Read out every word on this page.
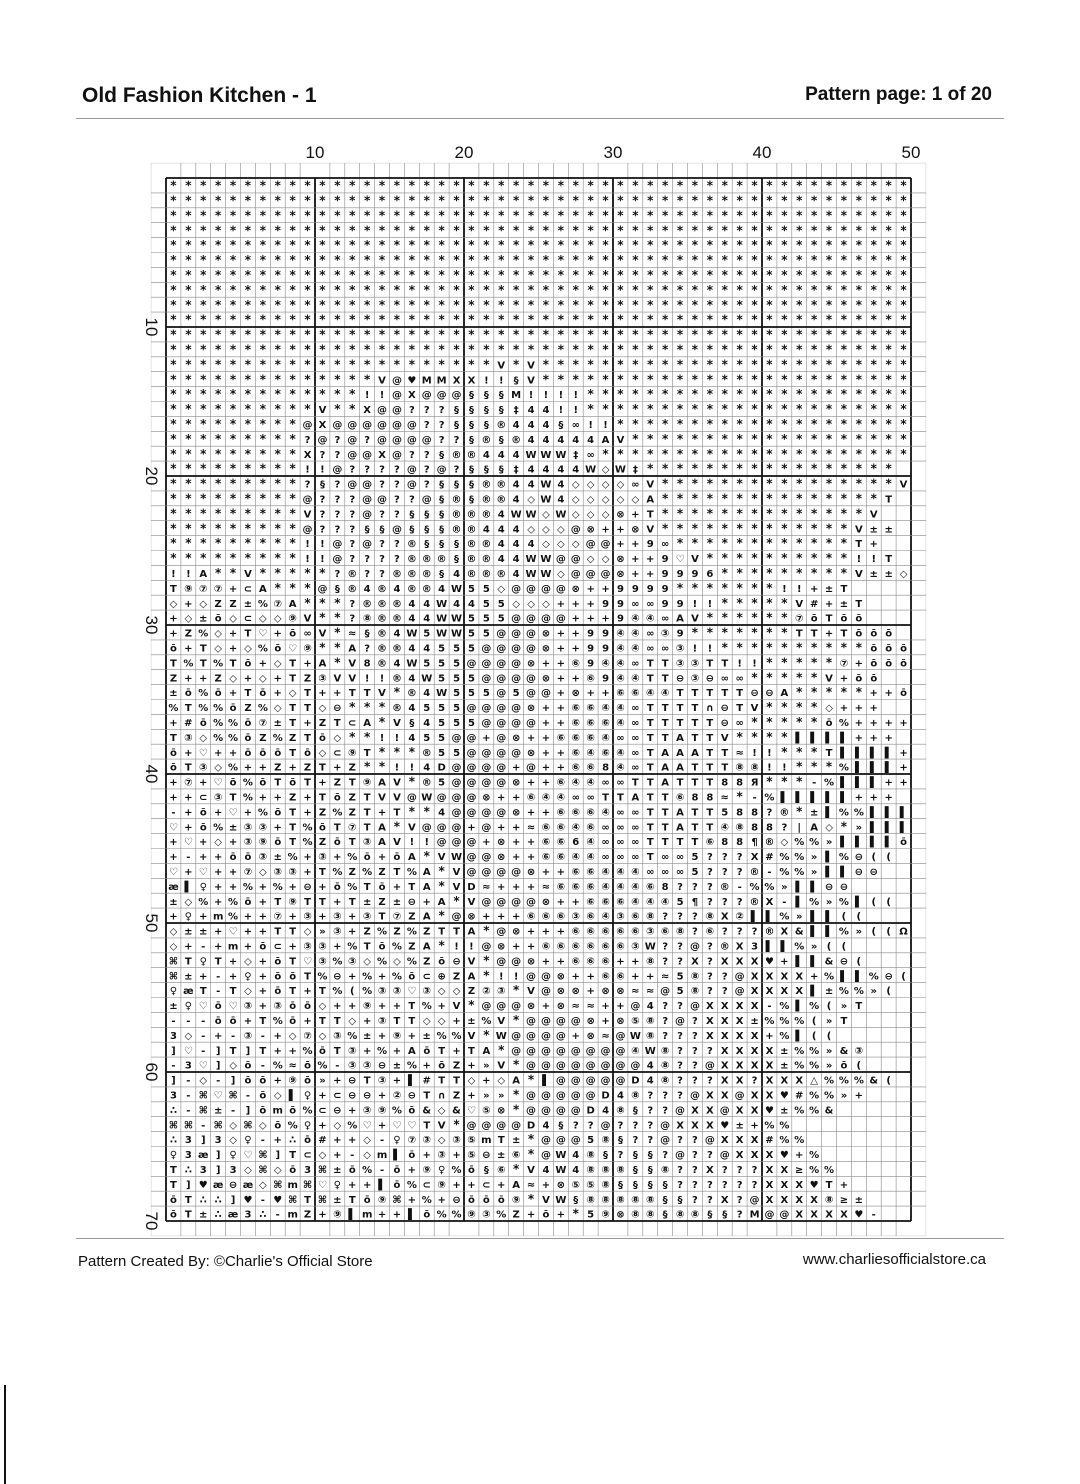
Old Fashion Kitchen - 1	Pattern page: 1 of 20
* * * * * * * * * * * * * * * * * * * * * * * * * * * * * * * * * * * * * * * * * * * * * * * * * *
* * * * * * * * * * * * * * * * * * * * * * * * * * * * * * * * * * * * * * * * * * * * * * * * * *
* * * * * * * * * * * * * * * * * * * * * * * * * * * * * * * * * * * * * * * * * * * * * * * * * *
* * * * * * * * * * * * * * * * * * * * * * * * * * * * * * * * * * * * * * * * * * * * * * * * * *
* * * * * * * * * * * * * * * * * * * * * * * * * * * * * * * * * * * * * * * * * * * * * * * * * *
* * * * * * * * * * * * * * * * * * * * * * * * * * * * * * * * * * * * * * * * * * * * * * * * * *
* * * * * * * * * * * * * * * * * * * * * * * * * * * * * * * * * * * * * * * * * * * * * * * * * *
* * * * * * * * * * * * * * * * * * * * * * * * * * * * * * * * * * * * * * * * * * * * * * * * * *
* * * * * * * * * * * * * * * * * * * * * * * * * * * * * * * * * * * * * * * * * * * * * * * * * *
* * * * * * * * * * * * * * * * * * * * * * * * * * * * * * * * * * * * * * * * * * * * * * * * * *
* * * * * * * * * * * * * * * * * * * * * * * * * * * * * * * * * * * * * * * * * * * * * * * * * *
* * * * * * * * * * * * * * * * * * * * * * * * * * * * * * * * * * * * * * * * * * * * * * * * * *
* * * * * * * * * * * * * * * * * * * * * * V * V * * * * * * * * * * * * * * * * * * * * * * * * *
* * * * * * * * * * * * * * V @ ♥ M M X X ! ! § V * * * * * * * * * * * * * * * * * * * * * * * * *
* * * * * * * * * * * * * ! ! @ X @ @ @ § § § M ! ! ! ! * * * * * * * * * * * * * * * * * * * * * *
* * * * * * * * * * V * * X @ @ ? ? ? § § § § ‡ 4 4 ! ! * * * * * * * * * * * * * * * * * * * * * *
* * * * * * * * * @ X @ @ @ @ @ @ ? ? § § § ® 4 4 4 § ∞ ! ! * * * * * * * * * * * * * * * * * * * *
* * * * * * * * * ? @ ? @ ? @ @ @ @ ? ? § ® § ® 4 4 4 4 4 A V * * * * * * * * * * * * * * * * * * *
* * * * * * * * * X ? ? @ @ X @ ? ? § ® ® 4 4 4 W W W ‡ ∞ * * * * * * * * * * * * * * * * * * * * *
* * * * * * * * * ! ! @ ? ? ? ? @ ? @ ? § § § ‡ 4 4 4 4 W ◇ W ‡ * * * * * * * * * * * * * * * * *
* * * * * * * * * ? § ? @ @ ? ? @ ? § § § ® ® 4 4 W 4 ◇ ◇ ◇ ◇ ∞ V * * * * * * * * * * * * * * * * V
* * * * * * * * * @ ? ? ? @ @ ? ? @ § ® § ® ® 4 ◇ W 4 ◇ ◇ ◇ ◇ ◇ A * * * * * * * * * * * * * * * T
* * * * * * * * * V ? ? ? @ ? ? § § § ® ® ® 4 W W ◇ W ◇ ◇ ◇ ⊗ + T * * * * * * * * * * * * * * V
* * * * * * * * * @ ? ? ? § § @ § § § ® ® 4 4 4 ◇ ◇ ◇ @ ⊗ + + ⊗ V * * * * * * * * * * * * * V ± ±
* * * * * * * * * ! ! @ ? @ ? ? ® § § § ® ® 4 4 4 ◇ ◇ ◇ @ @ + + 9 ∞ * * * * * * * * * * * * T +
* * * * * * * * * ! ! @ ? ? ? ? ® ® ® § ® ® 4 4 W W @ @ ◇ ◇ ⊗ + + 9 ♡ V * * * * * * * * * * ! ! T
! ! A * * V * * * * * ? ® ? ? ® ® ® § 4 ® ® ® 4 W W ◇ @ @ @ ⊗ + + 9 9 9 6 * * * * * * * * * V ± ± ◇
T ⑨ ⑦ ⑦ + ⊂ A * * * @ § ® 4 ® 4 ® ® 4 W 5 5 ◇ @ @ @ @ ⊗ + + 9 9 9 9 * * * * * * * ! ! + ± T
◇ + ◇ Z Z ± % ⑦ A * * * ? ® ® ® 4 4 W 4 4 5 5 ◇ ◇ ◇ + + + 9 9 ∞ ∞ 9 9 ! ! * * * * * V # + ± T
+ ◇ ± ō ◇ ⊂ ◇ ◇ ⑨ V * * ? ⑧ ® ® 4 4 W W 5 5 5 @ @ @ @ + + + 9 ④ ④ ∞ A V * * * * * * ⑦ ō T ō ō
+ Z % ◇ + T ♡ + ō ∞ V * ≈ § ® 4 W 5 W W 5 5 @ @ @ ⊗ + + 9 9 ④ ④ ∞ ③ 9 * * * * * * * T T + T ō ō ō
ō + T ◇ + ◇ % ō ♡ ⑨ * * A ? ® ® 4 4 5 5 5 @ @ @ @ ⊗ + + 9 9 ④ ④ ∞ ∞ ③ ! ! * * * * * * * * * * ō ō ō
T % T % T ō + ◇ T + A * V 8 ® 4 W 5 5 5 @ @ @ @ ⊗ + + ⑥ 9 ④ ④ ∞ T T ③ ③ T T ! ! * * * * * ⑦ + ō ō ō
Z + + Z ◇ + ◇ + T Z ③ V V ! ! ® 4 W 5 5 5 @ @ @ @ ⊗ + + ⑥ 9 ④ ④ T T ⊖ ③ ⊖ ∞ ∞ * * * * * V + ō ō
± ō % ō + T ō + ◇ T + + T T V * ® 4 W 5 5 5 @ 5 @ @ + ⊗ + + ⑥ ⑥ ④ ④ T T T T T ⊖ ⊖ A * * * * * + + ō
% T % % ō Z % ◇ T T ◇ ⊖ * * * ® 4 5 5 5 @ @ @ @ ⊗ + + ⑥ ⑥ ④ ④ ∞ T T T T ∩ ⊖ T V * * * * ◇ + + +
+ # ō % % ō ⑦ ± T + Z T ⊂ A * V § 4 5 5 5 @ @ @ @ + + ⑥ ⑥ ⑥ ④ ∞ T T T T T ⊖ ∞ * * * * * ō % + + + +
T ③ ◇ % % ō Z % Z T ō ◇ * * ! ! 4 5 5 @ @ + @ ⊗ + + ⑥ ⑥ ⑥ ④ ∞ ∞ T T A T T V * * * * ▌ ▌ ▌ ▌ + + +
ō + ♡ + + ō ō ō T ō ◇ ⊂ ⑨ T * * * ® 5 5 @ @ @ @ ⊗ + + ⑥ ④ ⑥ ④ ∞ T A A A T T ≈ ! ! * * * T ▌ ▌ ▌ ▌ +
ō T ③ ◇ % + + Z + Z T + Z * * ! ! 4 D @ @ @ @ + @ + + ⑥ ⑥ 8 ④ ∞ T A A T T T ⑧ ⑧ ! ! * * * % ▌ ▌ ▌ +
+ ⑦ + ♡ ō % ō T ō T + Z T ⑨ A V * ® 5 @ @ @ @ ⊗ + + ⑥ ④ ④ ∞ ∞ T T A T T T 8 8 Я * * * - % ▌ ▌ ▌ + +
+ + ⊂ ③ T % + + Z + T ō Z T V V @ W @ @ @ ⊗ + + ⑥ ④ ④ ∞ ∞ T T A T T ⑥ 8 8 ≈ * - % ▌ ▌ ▌ ▌ ▌ + + +
- + ō + ♡ + % ō T + Z % Z T + T * * 4 @ @ @ @ ⊗ + + ⑥ ⑥ ⑥ ④ ∞ ∞ T T A T T 5 8 8 ? ® * ± ▌ % % ▌ ▌ ▌
♡ + ō % ± ③ ③ + T % ō T ⑦ T A * V @ @ @ + @ + + ≈ ⑥ ⑥ ④ ⑥ ∞ ∞ ∞ T T A T T ④ ⑧ 8 8 ? | A ◇ * » ▌ ▌ ▌
+ ♡ + ◇ + ③ ⑨ ō T % Z ō T ③ A V ! ! @ @ @ + ⊗ + + ⑥ ⑥ 6 ④ ∞ ∞ ∞ T T T T ⑥ 8 8 ¶ ® ◇ % % » ▌ ▌ ▌ ▌ ō
+ - + + ō ō ③ ± % + ③ + % ō + ō A * V W @ @ ⊗ + + ⑥ ⑥ ④ ④ ∞ ∞ ∞ T ∞ ∞ 5 ? ? ? X # % % » ▌ % ⊖ ( (
♡ + ♡ + + ⑦ ◇ ③ ③ + T % Z % Z T % A * V @ @ @ @ ⊗ + + ⑥ ⑥ ④ ④ ④ ∞ ∞ ∞ 5 ? ? ? ® - % % » ▌ ▌ ⊖ ⊖
æ ▌ ♀ + + % + % + ⊖ + ō % T ō + T A * V D ≈ + + + ≈ ⑥ ⑥ ⑥ ④ ④ ④ ⑥ 8 ? ? ? ® - % % » ▌ ▌ ⊖ ⊖
± ◇ % + % ō + T ⑨ T T + T ± Z ± ⊖ + A * V @ @ @ @ ⊗ + + ⑥ ⑥ ⑥ ④ ④ ④ 5 ¶ ? ? ? ® X - ▌ % » % ▌ ( (
+ ♀ + m % + + ⑦ + ③ + ③ + ③ T ⑦ Z A * @ ⊗ + + + ⑥ ⑥ ⑥ ③ ⑥ ④ ③ ⑥ ⑧ ? ? ? ⑧ X ② ▌ ▌ % » ▌ ▌ ( (
◇ ± ± + ♡ + + T T ◇ » ③ + Z % Z % Z T T A * @ ⊗ + + + ⑥ ⑥ ⑥ ⑥ ⑥ ③ ⑥ ⑧ ? ⑥ ? ? ? ® X & ▌ ▌ % » ( ( Ω
◇ + - + m + ō ⊂ + ③ ③ + % T ō % Z A * ! ! @ ⊗ + + ⑥ ⑥ ⑥ ⑥ ⑥ ⑥ ③ W ? ? @ ? ® X 3 ▌ ▌ % » ( (
⌘ T ♀ T + ◇ + ō T ♡ ③ % ③ ◇ % ◇ % Z ō ⊖ V * @ @ ⊗ + + ⑥ ⑥ ⑥ + + ⑧ ? ? X ? X X X ♥ + ▌ ▌ & ⊖ (
⌘ ± + - + ♀ + ō ō T % ⊖ + % + % ō ⊂ ⊕ Z A * ! ! @ @ ⊗ + + ⑥ ⑥ + + ≈ 5 ⑧ ? ? @ X X X X + % ▌ ▌ % ⊖ (
♀ æ T - T ◇ + ō T + T % ( % ③ ③ ♡ ③ ◇ ◇ Z ② ③ * V @ ⊗ ⊗ + ⊗ ⊗ ≈ ≈ @ 5 ⑧ ? ? @ X X X X ▌ ± % % » (
± ♀ ♡ ō ♡ ③ + ③ ō ō ◇ + + ⑨ + + T % + V * @ @ @ ⊗ + ⊗ ≈ ≈ + + @ 4 ? ? @ X X X X - % ▌ % ( » T
- - - ō ō + T % ō + T T ◇ + ③ T T ◇ ◇ + ± % V * @ @ @ @ ⊗ + ⊗ ⑤ ⑧ ? @ ? X X X ± % % % ( » T
3 ◇ - + - ③ - + ◇ ⑦ ◇ ③ % ± + ⑨ + ± % % V * W @ @ @ @ + ⊗ ≈ @ W ⑧ ? ? ? X X X X + % ▌ ( (
] ♡ - ] T ] T + + % ō T ③ + % + A ō T + T A * @ @ @ @ @ @ @ @ ④ W ⑧ ? ? ? X X X X ± % % » & ③
- 3 ♡ ] ◇ ō - % ≈ ō % - ③ ③ ⊖ ± % + ō Z + » V * @ @ @ @ @ @ @ @ 4 ⑧ ? ? @ X X X X ± % % » ō (
] - ◇ - ] ō ō + ⑨ ō » + ⊖ T ③ + ▌ # T T ◇ + ◇ A * ▌ @ @ @ @ @ D 4 ⑧ ? ? ? X X ? X X X △ % % % & (
3 - ⌘ ♡ ⌘ - ō ◇ ▌ ♀ + ⊂ ⊖ ⊖ + ② ⊖ T ∩ Z + » » * @ @ @ @ @ D 4 ⑧ ? ? ? @ X X @ X X ♥ # % % » +
∴ - ⌘ ± - ] ō m ō % ⊂ ⊖ + ③ ⑨ % ō & ◇ & ♡ ⑤ ⊗ * @ @ @ @ D 4 ⑧ § ? ? @ X X @ X X ♥ ± % % &
⌘ ⌘ - ⌘ ◇ ⌘ ◇ ō % ♀ + ◇ % ♡ + ♡ ♡ T V * @ @ @ @ D 4 § ? ? @ ? ? ? @ X X X ♥ ± + % %
∴ 3 ] 3 ◇ ♀ - + ∴ ō # + + ◇ - ♀ ⑦ ③ ◇ ③ ⑤ m T ± * @ @ @ 5 ⑧ § ? ? @ ? ? @ X X X # % %
♀ 3 æ ] ♀ ♡ ⌘ ] T ⊂ ◇ + - ◇ m ▌ ō + ③ + ⑤ ⊖ ± ⑥ * @ W 4 ⑧ § ? § § ? @ ? ? @ X X X ♥ + %
T ∴ 3 ] 3 ◇ ⌘ ◇ ō 3 ⌘ ± ō % - ō + ⑨ ♀ % ō § ⑥ * V 4 W 4 ⑧ ⑧ ⑧ § § ⑧ ? ? X ? ? ? X X ≥ % %
T ] ♥ æ ⊖ æ ◇ ⌘ m ⌘ ♡ ♀ + + ▌ ō % ⊂ ⑨ + + ⊂ + A ≈ + ⊗ ⑤ ⑤ ⑧ § § § § ? ? ? ? ? ? X X X ♥ T +
ō T ∴ ∴ ] ♥ - ♥ ⌘ T ⌘ ± T ō ⑨ ⌘ + % + ⊖ ō ō ō ⑨ * V W § ⑧ ⑧ ⑧ ⑧ ⑧ § § ? ? X ? @ X X X X ⑧ ≥ ±
ō T ± ∴ æ 3 ∴ - m Z + ⑨ ▌ m + + ▌ ō % % ⑨ ③ % Z + ō + * 5 ⑨ ⊗ ⑧ ⑧ § ⑧ ⑧ § § ? M @ @ X X X X ♥ -
10	20	30	40	50
10
20
30
40
50
60
70
Pattern Created By: ©Charlie's Official Store	www.charliesofficialstore.ca
